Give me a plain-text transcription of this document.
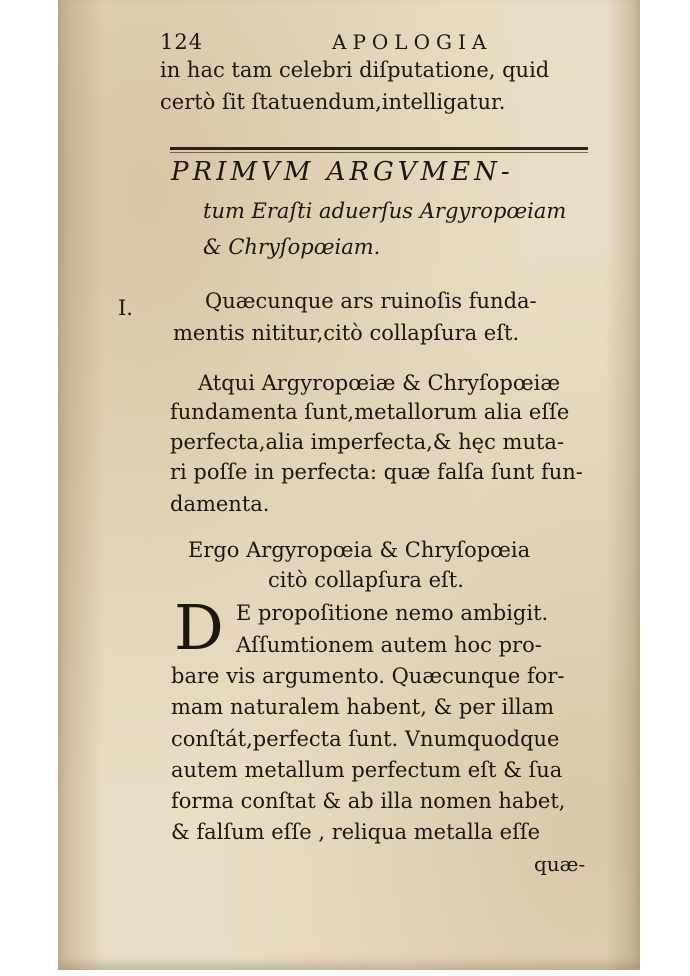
124	APOLOGIA
in hac tam celebri diſputatione, quid
certò ſit ſtatuendum,intelligatur.
PRIMVM ARGVMEN-
tum Eraſti aduerſus Argyropœiam
& Chryſopœiam.
I.	Quæcunque ars ruinoſis funda-
mentis nititur,citò collapſura eſt.
Atqui Argyropœiæ & Chryſopœiæ
fundamenta ſunt,metallorum alia eſſe
perfecta,alia imperfecta,& hęc muta-
ri poſſe in perfecta: quæ falſa ſunt fun-
damenta.
Ergo Argyropœia & Chryſopœia
citò collapſura eſt.
D E propoſitione nemo ambigit.
Aſſumtionem autem hoc pro-
bare vis argumento. Quæcunque for-
mam naturalem habent, & per illam
conſtát,perfecta ſunt. Vnumquodque
autem metallum perfectum eſt & ſua
forma conſtat & ab illa nomen habet,
& falſum eſſe , reliqua metalla eſſe
quæ-
